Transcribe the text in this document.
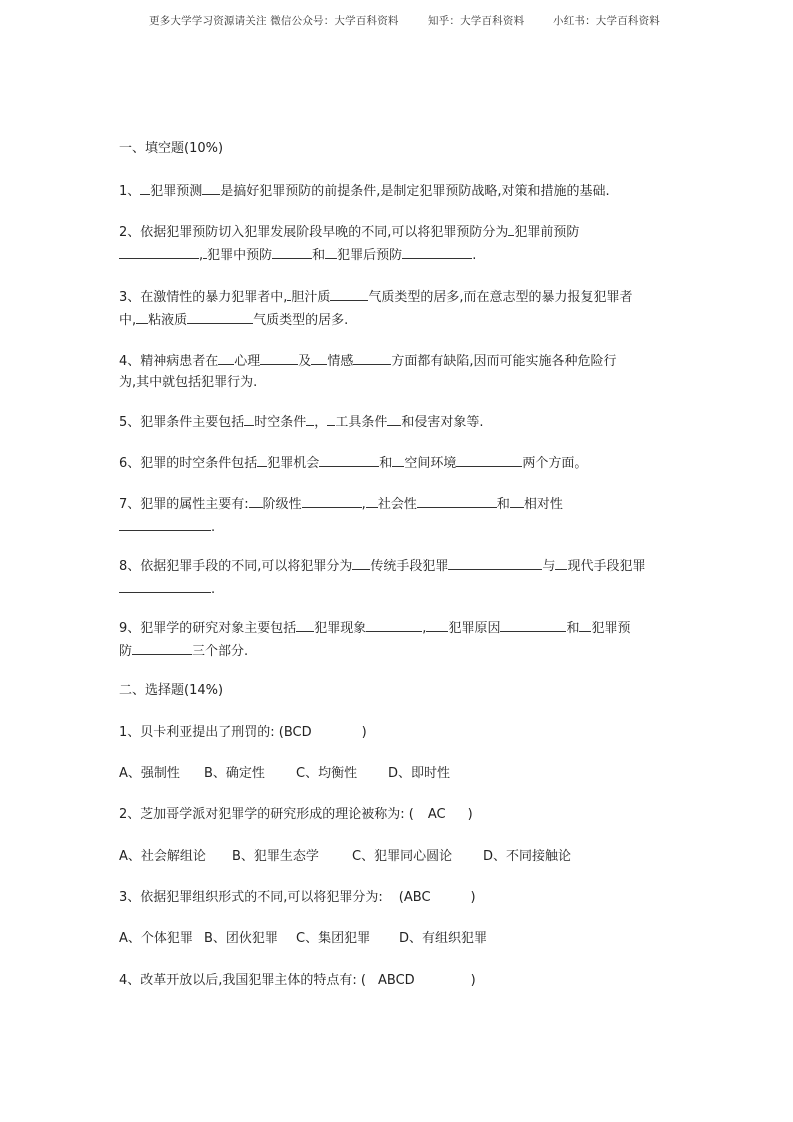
更多大学学习资源请关注 微信公众号：大学百科资料	知乎：大学百科资料	小红书：大学百科资料
一、填空题(10%)
1、 犯罪预测 是搞好犯罪预防的前提条件,是制定犯罪预防战略,对策和措施的基础.
2、依据犯罪预防切入犯罪发展阶段早晚的不同,可以将犯罪预防分为 犯罪前预防
, 犯罪中预防	和 犯罪后预防	.
3、在激情性的暴力犯罪者中, 胆汁质	气质类型的居多,而在意志型的暴力报复犯罪者
中, 粘液质	气质类型的居多.
4、精神病患者在 心理	及 情感	方面都有缺陷,因而可能实施各种危险行
为,其中就包括犯罪行为.
5、犯罪条件主要包括 时空条件 ， 工具条件 和侵害对象等.
6、犯罪的时空条件包括 犯罪机会	和 空间环境	两个方面。
7、犯罪的属性主要有: 阶级性	, 社会性	和 相对性
.
8、依据犯罪手段的不同,可以将犯罪分为 传统手段犯罪	与 现代手段犯罪
.
9、犯罪学的研究对象主要包括 犯罪现象	, 犯罪原因	和 犯罪预
防	三个部分.
二、选择题(14%)
1、贝卡利亚提出了刑罚的: (BCD	)
A、强制性 B、确定性 C、均衡性 D、即时性
2、芝加哥学派对犯罪学的研究形成的理论被称为: ( AC )
A、社会解组论 B、犯罪生态学	C、犯罪同心圆论 D、不同接触论
3、依据犯罪组织形式的不同,可以将犯罪分为: (ABC	)
A、个体犯罪 B、团伙犯罪 C、集团犯罪 D、有组织犯罪
4、改革开放以后,我国犯罪主体的特点有: ( ABCD	)
